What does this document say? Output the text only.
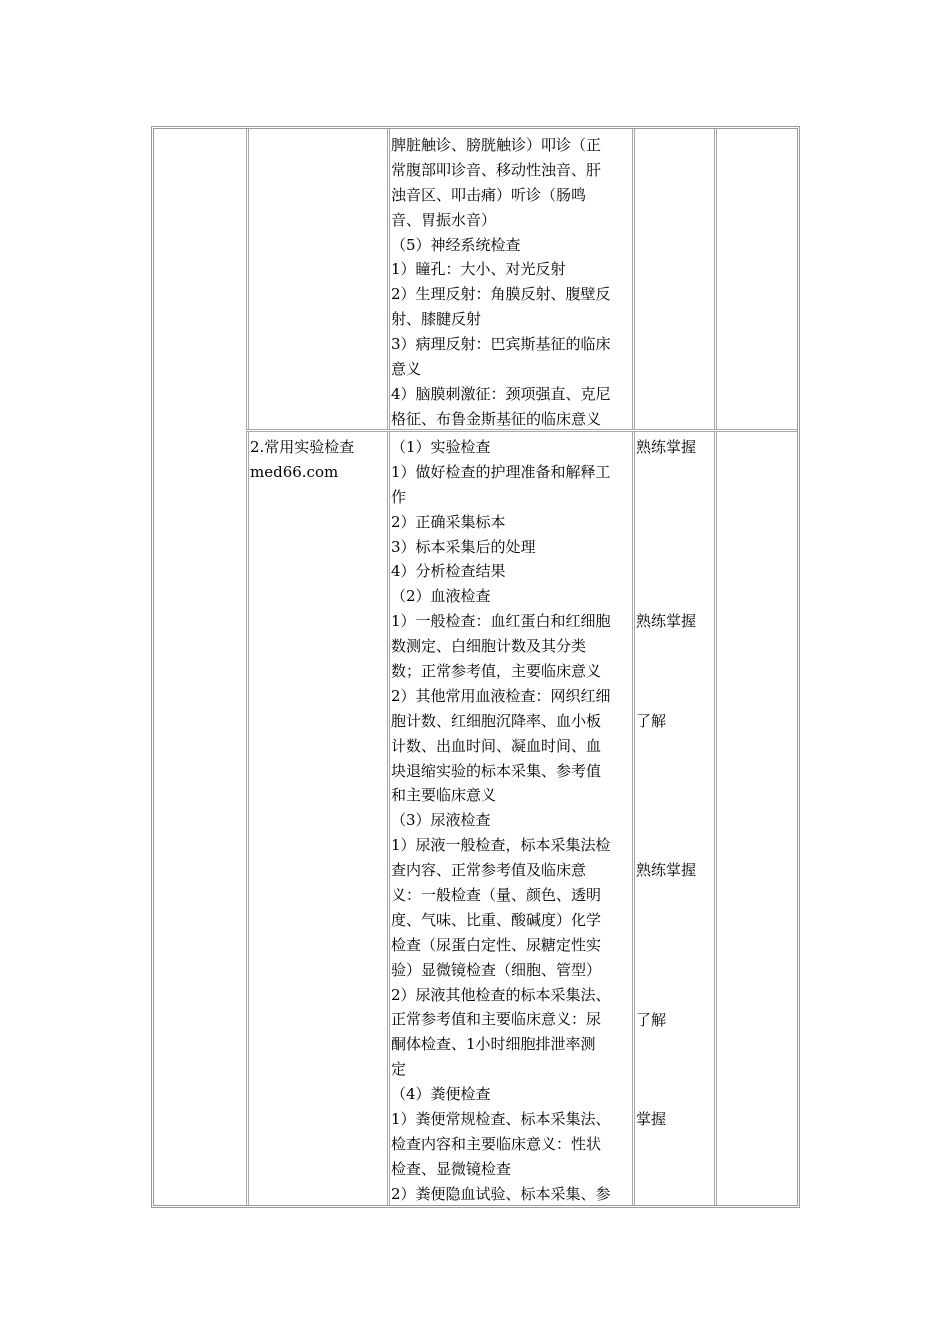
脾脏触诊、膀胱触诊）叩诊（正
常腹部叩诊音、移动性浊音、肝
浊音区、叩击痛）听诊（肠鸣
音、胃振水音）
（5）神经系统检查
1）瞳孔：大小、对光反射
2）生理反射：角膜反射、腹壁反
射、膝腱反射
3）病理反射：巴宾斯基征的临床
意义
4）脑膜刺激征：颈项强直、克尼
格征、布鲁金斯基征的临床意义
2.常用实验检查
med66.com
（1）实验检查
1）做好检查的护理准备和解释工
作
2）正确采集标本
3）标本采集后的处理
4）分析检查结果
（2）血液检查
1）一般检查：血红蛋白和红细胞
数测定、白细胞计数及其分类
数；正常参考值，主要临床意义
2）其他常用血液检查：网织红细
胞计数、红细胞沉降率、血小板
计数、出血时间、凝血时间、血
块退缩实验的标本采集、参考值
和主要临床意义
（3）尿液检查
1）尿液一般检查，标本采集法检
查内容、正常参考值及临床意
义：一般检查（量、颜色、透明
度、气味、比重、酸碱度）化学
检查（尿蛋白定性、尿糖定性实
验）显微镜检查（细胞、管型）
2）尿液其他检查的标本采集法、
正常参考值和主要临床意义：尿
酮体检查、1小时细胞排泄率测
定
（4）粪便检查
1）粪便常规检查、标本采集法、
检查内容和主要临床意义：性状
检查、显微镜检查
2）粪便隐血试验、标本采集、参
熟练掌握
熟练掌握
了解
熟练掌握
了解
掌握
